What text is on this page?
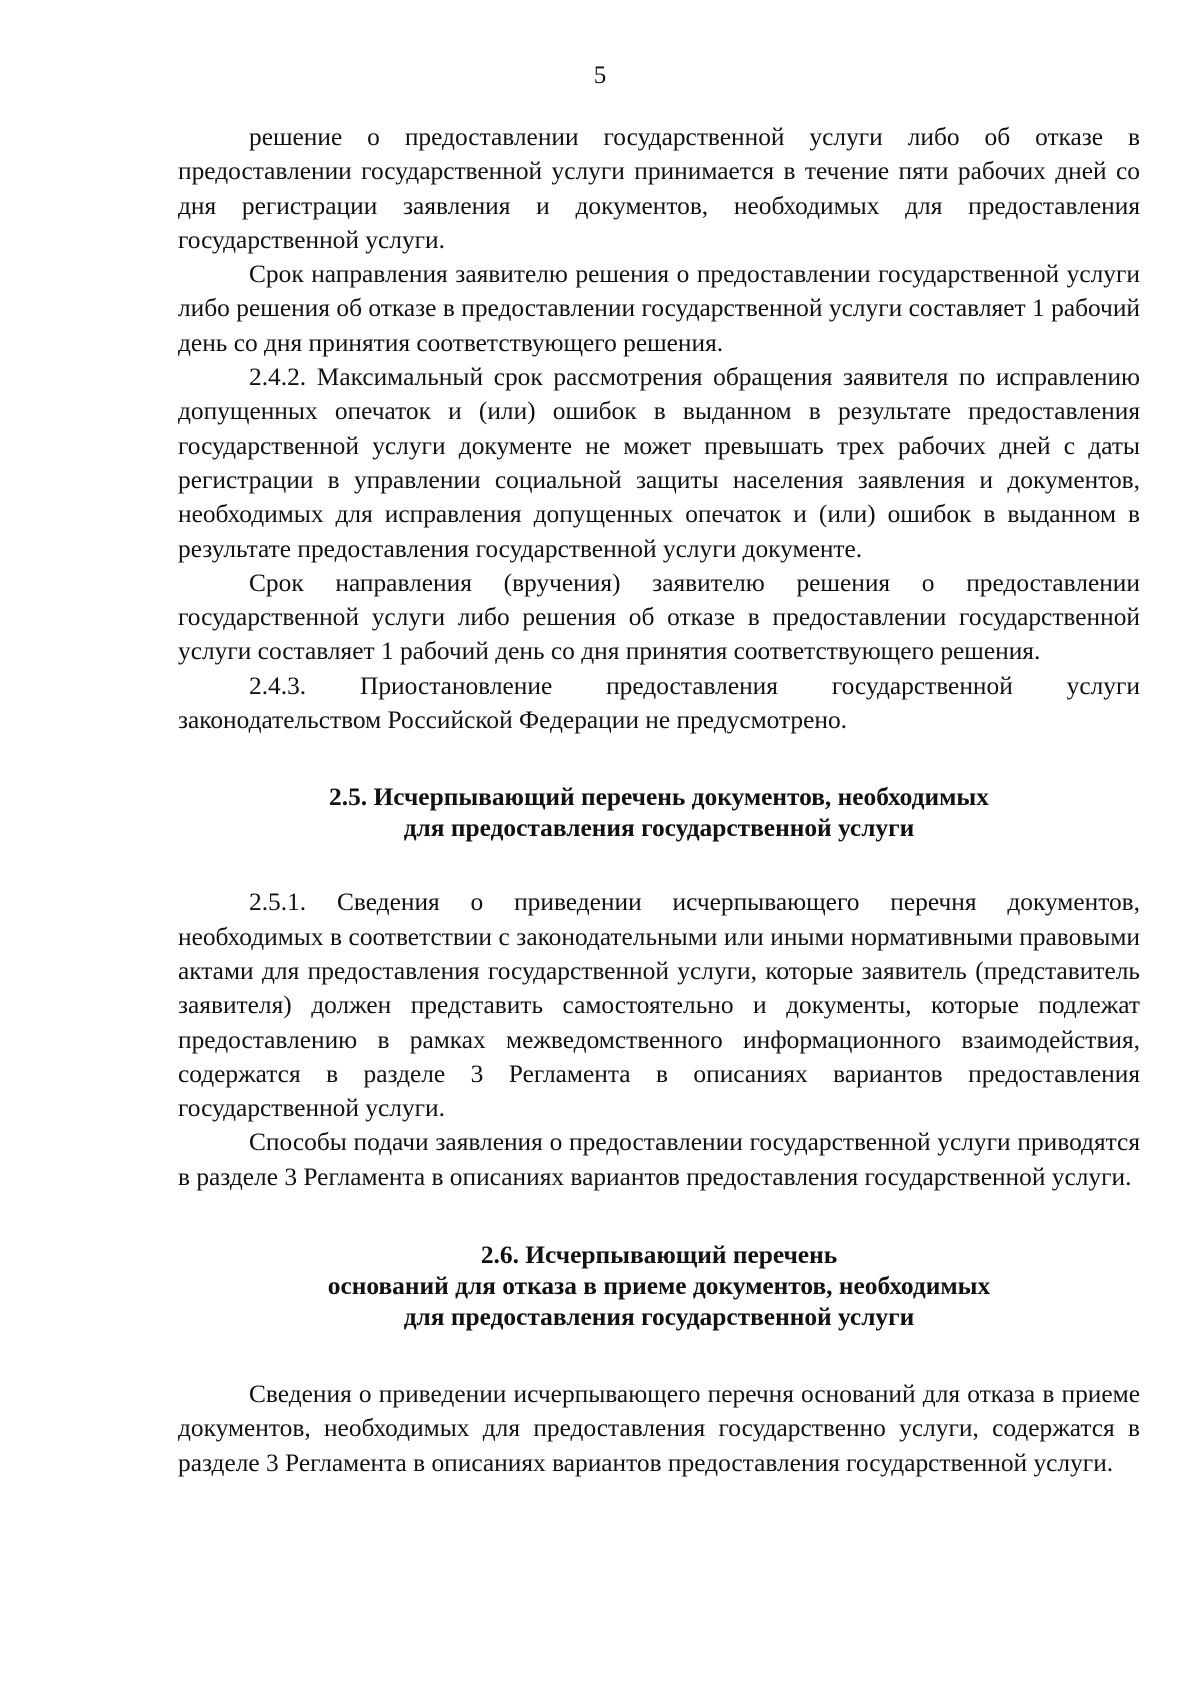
5

решение о предоставлении государственной услуги либо об отказе в предоставлении государственной услуги принимается в течение пяти рабочих дней со дня регистрации заявления и документов, необходимых для предоставления государственной услуги.

Срок направления заявителю решения о предоставлении государственной услуги либо решения об отказе в предоставлении государственной услуги составляет 1 рабочий день со дня принятия соответствующего решения.

2.4.2. Максимальный срок рассмотрения обращения заявителя по исправлению допущенных опечаток и (или) ошибок в выданном в результате предоставления государственной услуги документе не может превышать трех рабочих дней с даты регистрации в управлении социальной защиты населения заявления и документов, необходимых для исправления допущенных опечаток и (или) ошибок в выданном в результате предоставления государственной услуги документе.

Срок направления (вручения) заявителю решения о предоставлении государственной услуги либо решения об отказе в предоставлении государственной услуги составляет 1 рабочий день со дня принятия соответствующего решения.

2.4.3. Приостановление предоставления государственной услуги законодательством Российской Федерации не предусмотрено.

2.5. Исчерпывающий перечень документов, необходимых
для предоставления государственной услуги

2.5.1. Сведения о приведении исчерпывающего перечня документов, необходимых в соответствии с законодательными или иными нормативными правовыми актами для предоставления государственной услуги, которые заявитель (представитель заявителя) должен представить самостоятельно и документы, которые подлежат предоставлению в рамках межведомственного информационного взаимодействия, содержатся в разделе 3 Регламента в описаниях вариантов предоставления государственной услуги.

Способы подачи заявления о предоставлении государственной услуги приводятся в разделе 3 Регламента в описаниях вариантов предоставления государственной услуги.

2.6. Исчерпывающий перечень
оснований для отказа в приеме документов, необходимых
для предоставления государственной услуги

Сведения о приведении исчерпывающего перечня оснований для отказа в приеме документов, необходимых для предоставления государственно услуги, содержатся в разделе 3 Регламента в описаниях вариантов предоставления государственной услуги.
